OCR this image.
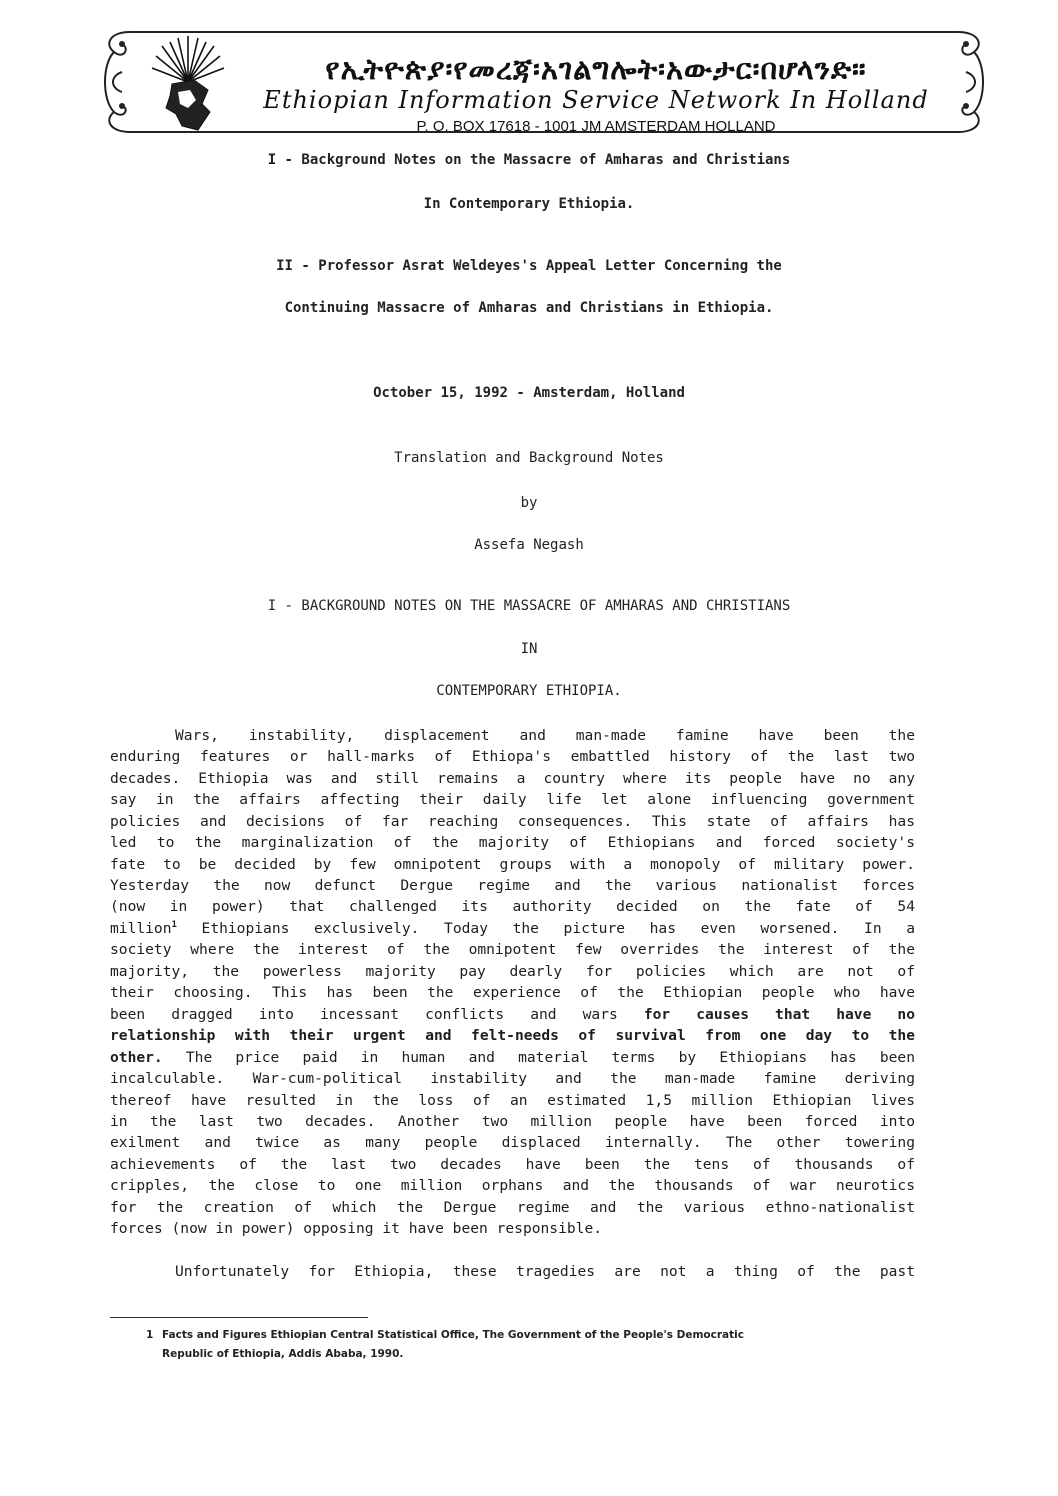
የኢትዮጵያ፡የመረጃ፡አገልግሎት፡አውታር፡በሆላንድ።
Ethiopian Information Service Network In Holland
P. O. BOX 17618 - 1001 JM AMSTERDAM HOLLAND
I - Background Notes on the Massacre of Amharas and Christians
In Contemporary Ethiopia.
II - Professor Asrat Weldeyes's Appeal Letter Concerning the
Continuing Massacre of Amharas and Christians in Ethiopia.
October 15, 1992 - Amsterdam, Holland
Translation and Background Notes
by
Assefa Negash
I - BACKGROUND NOTES ON THE MASSACRE OF AMHARAS AND CHRISTIANS
IN
CONTEMPORARY ETHIOPIA.
Wars, instability, displacement and man-made famine have been the
enduring features or hall-marks of Ethiopa's embattled history of the last two
decades. Ethiopia was and still remains a country where its people have no any
say in the affairs affecting their daily life let alone influencing government
policies and decisions of far reaching consequences. This state of affairs has
led to the marginalization of the majority of Ethiopians and forced society's
fate to be decided by few omnipotent groups with a monopoly of military power.
Yesterday the now defunct Dergue regime and the various nationalist forces
(now in power) that challenged its authority decided on the fate of 54
million$^1$ Ethiopians exclusively. Today the picture has even worsened. In a
society where the interest of the omnipotent few overrides the interest of the
majority, the powerless majority pay dearly for policies which are not of
their choosing. This has been the experience of the Ethiopian people who have
been dragged into incessant conflicts and wars for causes that have no
relationship with their urgent and felt-needs of survival from one day to the
other. The price paid in human and material terms by Ethiopians has been
incalculable. War-cum-political instability and the man-made famine deriving
thereof have resulted in the loss of an estimated 1,5 million Ethiopian lives
in the last two decades. Another two million people have been forced into
exilment and twice as many people displaced internally. The other towering
achievements of the last two decades have been the tens of thousands of
cripples, the close to one million orphans and the thousands of war neurotics
for the creation of which the Dergue regime and the various ethno-nationalist
forces (now in power) opposing it have been responsible.
Unfortunately for Ethiopia, these tragedies are not a thing of the past
1 Facts and Figures Ethiopian Central Statistical Office, The Government of the People's Democratic
Republic of Ethiopia, Addis Ababa, 1990.
